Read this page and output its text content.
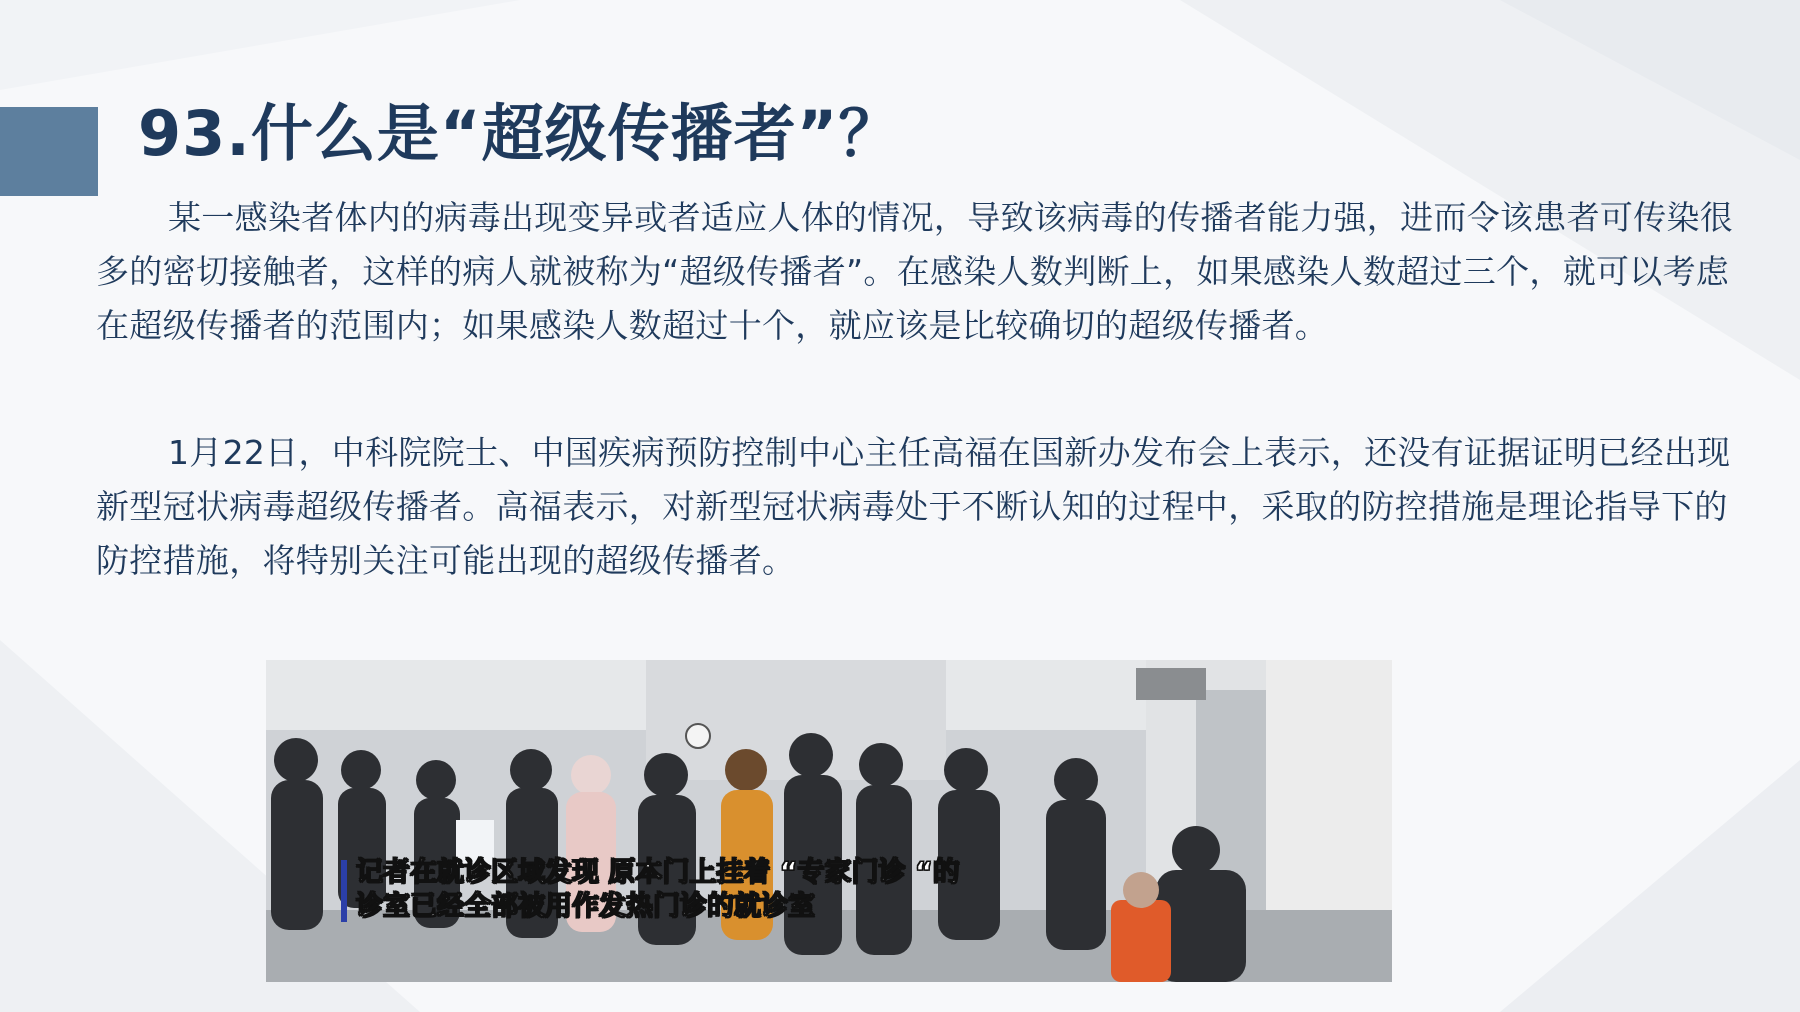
93.什么是“超级传播者”？

某一感染者体内的病毒出现变异或者适应人体的情况，导致该病毒的传播者能力强，进而令该患者可传染很多的密切接触者，这样的病人就被称为“超级传播者”。在感染人数判断上，如果感染人数超过三个，就可以考虑在超级传播者的范围内；如果感染人数超过十个，就应该是比较确切的超级传播者。

1月22日，中科院院士、中国疾病预防控制中心主任高福在国新办发布会上表示，还没有证据证明已经出现新型冠状病毒超级传播者。高福表示，对新型冠状病毒处于不断认知的过程中，采取的防控措施是理论指导下的防控措施，将特别关注可能出现的超级传播者。

记者在就诊区域发现 原本门上挂着 “专家门诊 “的
诊室已经全部被用作发热门诊的就诊室
